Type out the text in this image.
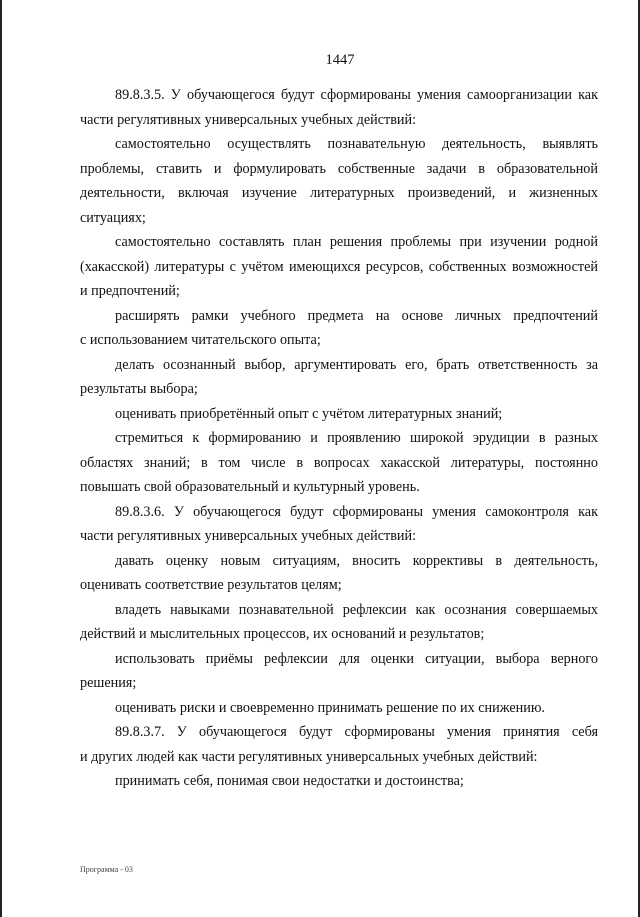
1447
89.8.3.5. У обучающегося будут сформированы умения самоорганизации как
части регулятивных универсальных учебных действий:
самостоятельно осуществлять познавательную деятельность, выявлять
проблемы, ставить и формулировать собственные задачи в образовательной
деятельности, включая изучение литературных произведений, и жизненных
ситуациях;
самостоятельно составлять план решения проблемы при изучении родной
(хакасской) литературы с учётом имеющихся ресурсов, собственных возможностей
и предпочтений;
расширять рамки учебного предмета на основе личных предпочтений
с использованием читательского опыта;
делать осознанный выбор, аргументировать его, брать ответственность за
результаты выбора;
оценивать приобретённый опыт с учётом литературных знаний;
стремиться к формированию и проявлению широкой эрудиции в разных
областях знаний; в том числе в вопросах хакасской литературы, постоянно
повышать свой образовательный и культурный уровень.
89.8.3.6. У обучающегося будут сформированы умения самоконтроля как
части регулятивных универсальных учебных действий:
давать оценку новым ситуациям, вносить коррективы в деятельность,
оценивать соответствие результатов целям;
владеть навыками познавательной рефлексии как осознания совершаемых
действий и мыслительных процессов, их оснований и результатов;
использовать приёмы рефлексии для оценки ситуации, выбора верного
решения;
оценивать риски и своевременно принимать решение по их снижению.
89.8.3.7. У обучающегося будут сформированы умения принятия себя
и других людей как части регулятивных универсальных учебных действий:
принимать себя, понимая свои недостатки и достоинства;
Программа - 03
